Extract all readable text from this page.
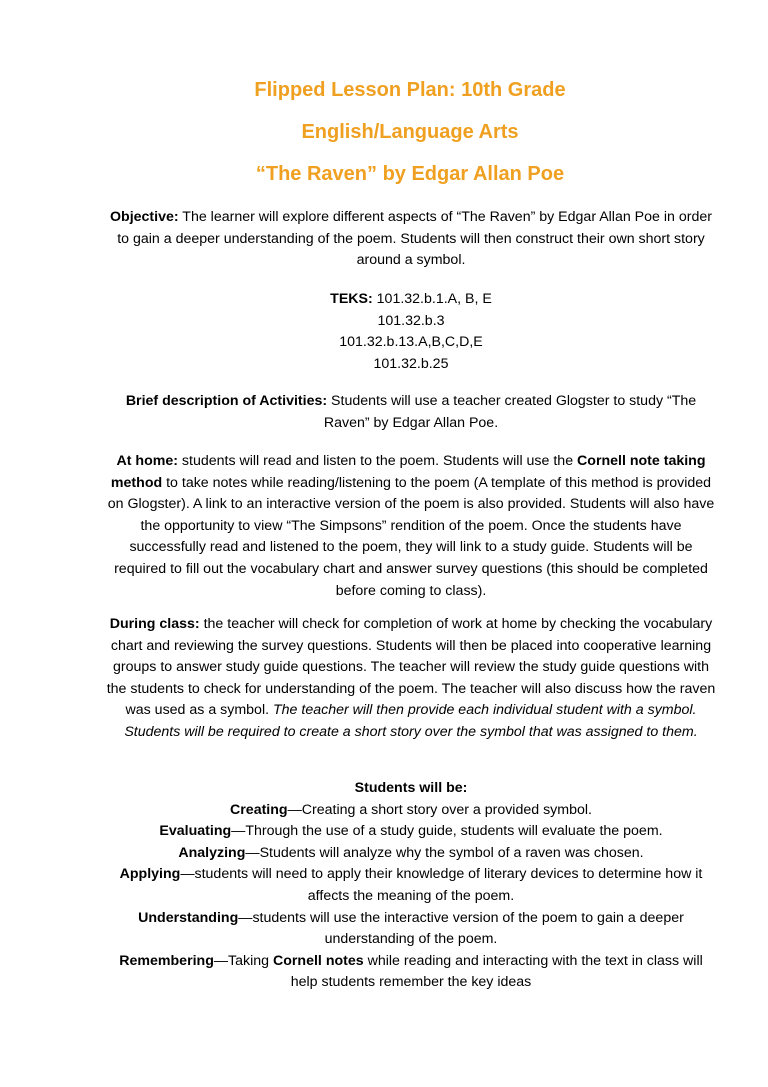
Flipped Lesson Plan: 10th Grade
English/Language Arts
“The Raven” by Edgar Allan Poe
Objective: The learner will explore different aspects of “The Raven” by Edgar Allan Poe in order to gain a deeper understanding of the poem. Students will then construct their own short story around a symbol.
TEKS: 101.32.b.1.A, B, E
101.32.b.3
101.32.b.13.A,B,C,D,E
101.32.b.25
Brief description of Activities: Students will use a teacher created Glogster to study “The Raven” by Edgar Allan Poe.
At home: students will read and listen to the poem. Students will use the Cornell note taking method to take notes while reading/listening to the poem (A template of this method is provided on Glogster). A link to an interactive version of the poem is also provided. Students will also have the opportunity to view “The Simpsons” rendition of the poem. Once the students have successfully read and listened to the poem, they will link to a study guide. Students will be required to fill out the vocabulary chart and answer survey questions (this should be completed before coming to class).
During class: the teacher will check for completion of work at home by checking the vocabulary chart and reviewing the survey questions. Students will then be placed into cooperative learning groups to answer study guide questions. The teacher will review the study guide questions with the students to check for understanding of the poem. The teacher will also discuss how the raven was used as a symbol. The teacher will then provide each individual student with a symbol. Students will be required to create a short story over the symbol that was assigned to them.
Students will be:
Creating—Creating a short story over a provided symbol.
Evaluating—Through the use of a study guide, students will evaluate the poem.
Analyzing—Students will analyze why the symbol of a raven was chosen.
Applying—students will need to apply their knowledge of literary devices to determine how it affects the meaning of the poem.
Understanding—students will use the interactive version of the poem to gain a deeper understanding of the poem.
Remembering—Taking Cornell notes while reading and interacting with the text in class will help students remember the key ideas
